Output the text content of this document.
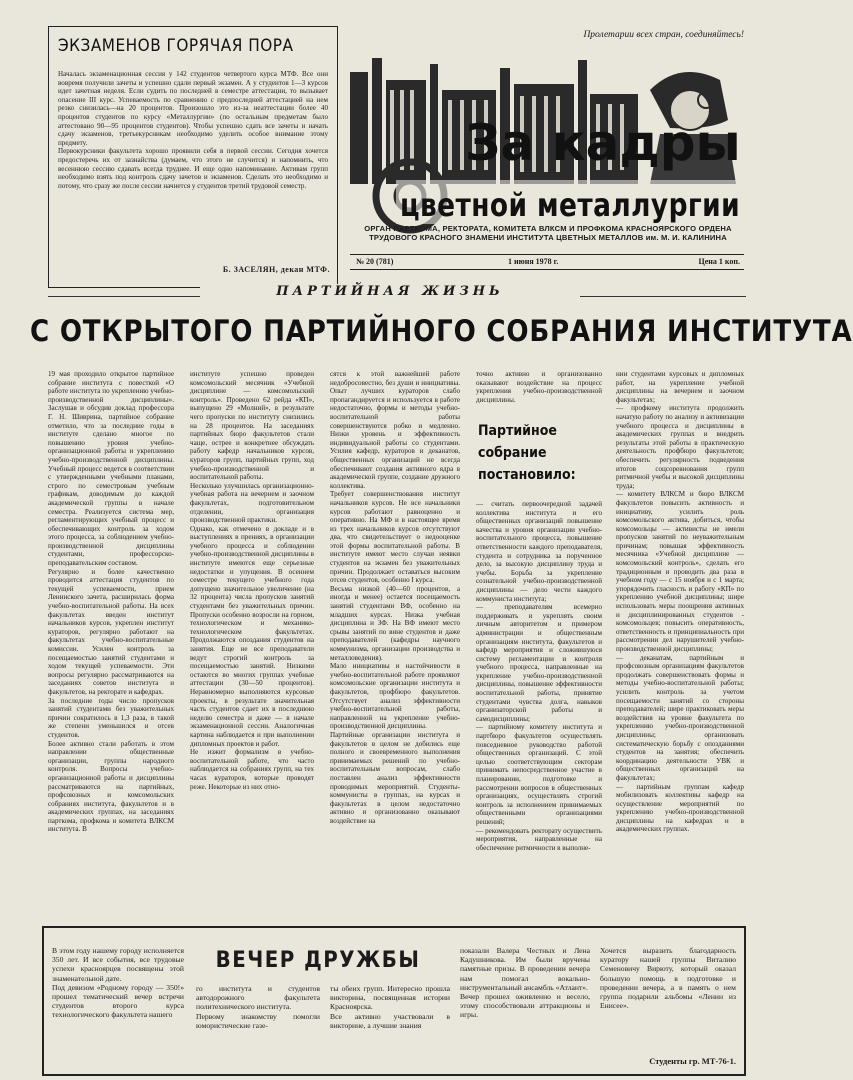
ЭКЗАМЕНОВ ГОРЯЧАЯ ПОРА
Началась экзаменационная сессия у 142 студентов четвертого курса МТФ. Все они вовремя получили зачеты и успешно сдали первый экзамен. А у студентов 1—3 курсов идет зачетная неделя. Если судить по последней в семестре аттестации, то вызывает опасение III курс. Успеваемость по сравнению с предпоследней аттестацией на нем резко снизилась—на 20 процентов. Произошло это из-за неаттестации более 40 процентов студентов по курсу «Металлургии» (по остальным предметам было аттестовано 90—95 процентов студентов). Чтобы успешно сдать все зачеты и начать сдачу экзаменов, третьекурсникам необходимо уделить особое внимание этому предмету.
Первокурсники факультета хорошо проявили себя в первой сессии. Сегодня хочется предостеречь их от зазнайства (думаем, что этого не случится) и напомнить, что весеннюю сессию сдавать всегда труднее. И еще одно напоминание. Активам групп необходимо взять под контроль сдачу зачетов и экзаменов. Сделать это необходимо и потому, что сразу же после сессии начнется у студентов третий трудовой семестр.
Б. ЗАСЕЛЯН, декан МТФ.
Пролетарии всех стран, соединяйтесь!
За кадры
цветной металлургии
ОРГАН ПАРТКОМА, РЕКТОРАТА, КОМИТЕТА ВЛКСМ И ПРОФКОМА КРАСНОЯРСКОГО ОРДЕНА ТРУДОВОГО КРАСНОГО ЗНАМЕНИ ИНСТИТУТА ЦВЕТНЫХ МЕТАЛЛОВ им. М. И. КАЛИНИНА
№ 20 (781)	1 июня 1978 г.	Цена 1 коп.
ПАРТИЙНАЯ ЖИЗНЬ
С ОТКРЫТОГО ПАРТИЙНОГО СОБРАНИЯ ИНСТИТУТА
19 мая проходило открытое партийное собрание института с повесткой «О работе института по укреплению учебно-производственной дисциплины». Заслушав и обсудив доклад профессора Г. Н. Шиврина, партийное собрание отметило, что за последние годы в институте сделано многое по повышению уровня учебно-организационной работы и укреплению учебно-производственной дисциплины. Учебный процесс ведется в соответствии с утвержденными учебными планами, строго по семестровым учебным графикам, доводимым до каждой академической группы в начале семестра. Реализуется система мер, регламентирующих учебный процесс и обеспечивающих контроль за ходом этого процесса, за соблюдением учебно-производственной дисциплины студентами, профессорско-преподавательским составом.
Регулярно и более качественно проводится аттестация студентов по текущей успеваемости, прием Ленинского зачета, расширилась форма учебно-воспитательной работы. На всех факультетах введен институт начальников курсов, укреплен институт кураторов, регулярно работают на факультетах учебно-воспитательные комиссии. Усилен контроль за посещаемостью занятий студентами и ходом текущей успеваемости. Эти вопросы регулярно рассматриваются на заседаниях советов института и факультетов, на ректорате и кафедрах.
За последние годы число пропусков занятий студентами без уважительных причин сократилось в 1,3 раза, в такой же степени уменьшился и отсев студентов.
Более активно стали работать в этом направлении общественные организации, группы народного контроля. Вопросы учебно-организационной работы и дисциплины рассматриваются на партийных, профсоюзных и комсомольских собраниях института, факультетов и в академических группах, на заседаниях парткома, профкома и комитета ВЛКСМ института. В
институте успешно проведен комсомольский месячник «Учебной дисциплине — комсомольский контроль». Проведено 62 рейда «КП», выпущено 29 «Молний», в результате чего пропуски по институту снизились на 28 процентов. На заседаниях партийных бюро факультетов стали чаще, острее и конкретнее обсуждать работу кафедр начальников курсов, кураторов групп, партийных групп, ход учебно-производственной и воспитательной работы.
Несколько улучшилась организационно-учебная работа на вечернем и заочном факультетах, подготовительном отделении, организация производственной практики.
Однако, как отмечено в докладе и в выступлениях в прениях, в организации учебного процесса и соблюдении учебно-производственной дисциплины в институте имеются еще серьезные недостатки и упущения. В осеннем семестре текущего учебного года допущено значительное увеличение (на 32 процента) числа пропусков занятий студентами без уважительных причин. Пропуски особенно возросли на горном, технологическом и механико-технологическом факультетах. Продолжаются опоздания студентов на занятия. Еще не все преподаватели ведут строгий контроль за посещаемостью занятий. Низкими остаются во многих группах учебные аттестации (30—50 процентов). Неравномерно выполняются курсовые проекты, в результате значительная часть студентов сдает их в последнюю неделю семестра и даже — в начале экзаменационной сессии. Аналогичная картина наблюдается и при выполнении дипломных проектов и работ.
Не изжит формализм в учебно-воспитательной работе, что часто наблюдается на собраниях групп, на тех часах кураторов, которые проводят реже. Некоторые из них отно-
сятся к этой важнейшей работе недобросовестно, без души и инициативы. Опыт лучших кураторов слабо пропагандируется и используется в работе недостаточно, формы и методы учебно-воспитательной работы совершенствуются робко и медленно. Низки уровень и эффективность индивидуальной работы со студентами. Усилия кафедр, кураторов и деканатов, общественных организаций не всегда обеспечивают создания активного ядра в академической группе, создание дружного коллектива.
Требует совершенствования институт начальников курсов. Не все начальники курсов работают равноценно и оперативно. На МФ и в настоящее время из трех начальников курсов отсутствуют два, что свидетельствует о недооценке этой формы воспитательной работы. В институте имеют место случаи неявки студентов на экзамен без уважительных причин. Продолжает оставаться высоким отсев студентов, особенно I курса.
Весьма низкой (40—60 процентов, а иногда и менее) остается посещаемость занятий студентами ВФ, особенно на младших курсах. Низка учебная дисциплина и ЗФ. На ВФ имеют место срывы занятий по вине студентов и даже преподавателей (кафедры научного коммунизма, организации производства и металловедения).
Мало инициативы и настойчивости в учебно-воспитательной работе проявляют комсомольские организации института и факультетов, профбюро факультетов. Отсутствует анализ эффективности учебно-воспитательной работы, направленной на укрепление учебно-производственной дисциплины.
Партийные организации института и факультетов в целом не добились еще полного и своевременного выполнения принимаемых решений по учебно-воспитательным вопросам, слабо поставлен анализ эффективности проводимых мероприятий. Студенты-коммунисты в группах, на курсах и факультетах в целом недостаточно активно и организованно оказывают воздействие на
точно активно и организованно оказывают воздействие на процесс укрепления учебно-производственной дисциплины.
Партийное собрание постановило:
— считать первоочередной задачей коллектива института и его общественных организаций повышение качества и уровня организации учебно-воспитательного процесса, повышение ответственности каждого преподавателя, студента и сотрудника за порученное дело, за высокую дисциплину труда и учебы. Борьба за укрепление сознательной учебно-производственной дисциплины — дело чести каждого коммуниста института;
— преподавателям всемерно поддерживать и укреплять своим личным авторитетом и примером администрации и общественным организациям института, факультетов и кафедр мероприятия и сложившуюся систему регламентации и контроля учебного процесса, направленные на укрепление учебно-производственной дисциплины, повышение эффективности воспитательной работы, принятие студентами чувства долга, навыков организаторской работы и самодисциплины;
— партийному комитету института и партбюро факультетов осуществлять повседневное руководство работой общественных организаций. С этой целью соответствующим секторам принимать непосредственное участие в планировании, подготовке и рассмотрении вопросов в общественных организациях, осуществлять строгий контроль за исполнением принимаемых общественными организациями решений;
— рекомендовать ректорату осуществить мероприятия, направленные на обеспечение ритмичности в выполне-
нии студентами курсовых и дипломных работ, на укрепление учебной дисциплины на вечернем и заочном факультетах;
— профкому института продолжить начатую работу по анализу и активизации учебного процесса и дисциплины в академических группах и внедрить результаты этой работы в практическую деятельность профбюро факультетов; обеспечить регулярность подведения итогов соцсоревнования групп ритмичной учебы и высокой дисциплины труда;
— комитету ВЛКСМ и бюро ВЛКСМ факультетов повысить активность и инициативу, усилить роль комсомольского актива, добиться, чтобы комсомольцы — активисты не имели пропусков занятий по неуважительным причинам; повышая эффективность месячника «Учебной дисциплине — комсомольский контроль», сделать его традиционным и проводить два раза в учебном году — с 15 ноября и с 1 марта; упорядочить гласность и работу «КП» по укреплению учебной дисциплины; шире использовать меры поощрения активных и дисциплинированных студентов - комсомольцев; повысить оперативность, ответственность и принципиальность при рассмотрении дел нарушителей учебно-производственной дисциплины;
— деканатам, партийным и профсоюзным организациям факультетов продолжать совершенствовать формы и методы учебно-воспитательной работы; усилить контроль за учетом посещаемости занятий со стороны преподавателей; шире практиковать меры воздействия на уровне факультета по укреплению учебно-производственной дисциплины; организовать систематическую борьбу с опозданиями студентов на занятия; обеспечить координацию деятельности УВК и общественных организаций на факультетах;
— партийным группам кафедр мобилизовать коллективы кафедр на осуществление мероприятий по укреплению учебно-производственной дисциплины на кафедрах и в академических группах.
ВЕЧЕР ДРУЖБЫ
В этом году нашему городу исполняется 350 лет. И все события, все трудовые успехи красноярцев посвящены этой знаменательной дате.
Под девизом «Родному городу — 350!» прошел тематический вечер встречи студентов второго курса технологического факультета нашего
го института и студентов автодорожного факультета политехнического института.
Первому знакомству помогли юмористические газе-
ты обеих групп. Интересно прошла викторина, посвященная истории Красноярска.
Все активно участвовали в викторине, а лучшие знания
показали Валера Честных и Лена Кадушникова. Им были вручены памятные призы. В проведении вечера нам помогал вокально-инструментальный ансамбль «Атлант».
Вечер прошел оживленно и весело, этому способствовали аттракционы и игры.
Хочется выразить благодарность куратору нашей группы Виталию Семеновичу Вирюту, который оказал большую помощь в подготовке и проведении вечера, а в память о нем группа подарили альбомы «Ленин из Енисее».
Студенты гр. МТ-76-1.
